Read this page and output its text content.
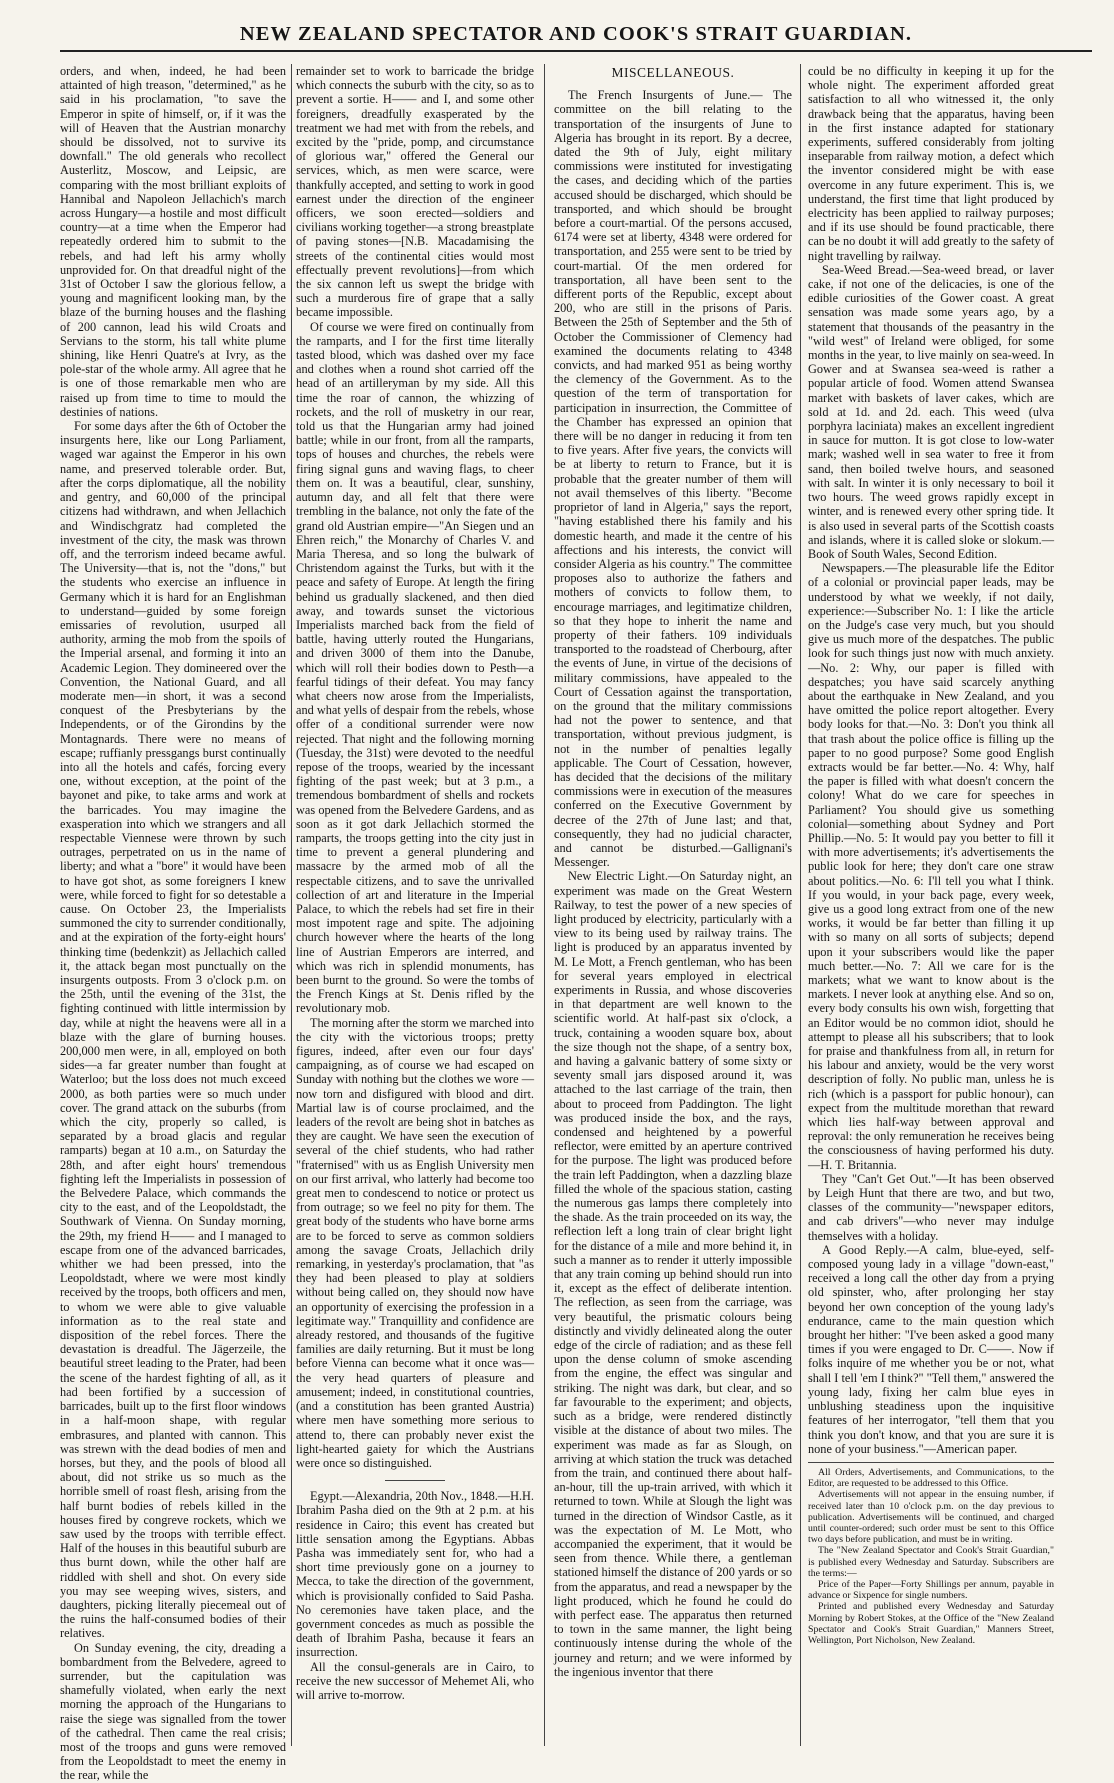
NEW ZEALAND SPECTATOR AND COOK'S STRAIT GUARDIAN.

orders, and when, indeed, he had been attainted of high treason, "determined," as he said in his proclamation, "to save the Emperor in spite of himself, or, if it was the will of Heaven that the Austrian monarchy should be dissolved, not to survive its downfall." The old generals who recollect Austerlitz, Moscow, and Leipsic, are comparing with the most brilliant exploits of Hannibal and Napoleon Jellachich's march across Hungary—a hostile and most difficult country—at a time when the Emperor had repeatedly ordered him to submit to the rebels, and had left his army wholly unprovided for. On that dreadful night of the 31st of October I saw the glorious fellow, a young and magnificent looking man, by the blaze of the burning houses and the flashing of 200 cannon, lead his wild Croats and Servians to the storm, his tall white plume shining, like Henri Quatre's at Ivry, as the pole-star of the whole army. All agree that he is one of those remarkable men who are raised up from time to time to mould the destinies of nations.

For some days after the 6th of October the insurgents here, like our Long Parliament, waged war against the Emperor in his own name, and preserved tolerable order. But, after the corps diplomatique, all the nobility and gentry, and 60,000 of the principal citizens had withdrawn, and when Jellachich and Windischgratz had completed the investment of the city, the mask was thrown off, and the terrorism indeed became awful. The University—that is, not the "dons," but the students who exercise an influence in Germany which it is hard for an Englishman to understand—guided by some foreign emissaries of revolution, usurped all authority, arming the mob from the spoils of the Imperial arsenal, and forming it into an Academic Legion. They domineered over the Convention, the National Guard, and all moderate men—in short, it was a second conquest of the Presbyterians by the Independents, or of the Girondins by the Montagnards. There were no means of escape; ruffianly pressgangs burst continually into all the hotels and cafés, forcing every one, without exception, at the point of the bayonet and pike, to take arms and work at the barricades. You may imagine the exasperation into which we strangers and all respectable Viennese were thrown by such outrages, perpetrated on us in the name of liberty; and what a "bore" it would have been to have got shot, as some foreigners I knew were, while forced to fight for so detestable a cause. On October 23, the Imperialists summoned the city to surrender conditionally, and at the expiration of the forty-eight hours' thinking time (bedenkzit) as Jellachich called it, the attack began most punctually on the insurgents outposts. From 3 o'clock p.m. on the 25th, until the evening of the 31st, the fighting continued with little intermission by day, while at night the heavens were all in a blaze with the glare of burning houses. 200,000 men were, in all, employed on both sides—a far greater number than fought at Waterloo; but the loss does not much exceed 2000, as both parties were so much under cover. The grand attack on the suburbs (from which the city, properly so called, is separated by a broad glacis and regular ramparts) began at 10 a.m., on Saturday the 28th, and after eight hours' tremendous fighting left the Imperialists in possession of the Belvedere Palace, which commands the city to the east, and of the Leopoldstadt, the Southwark of Vienna. On Sunday morning, the 29th, my friend H—— and I managed to escape from one of the advanced barricades, whither we had been pressed, into the Leopoldstadt, where we were most kindly received by the troops, both officers and men, to whom we were able to give valuable information as to the real state and disposition of the rebel forces. There the devastation is dreadful. The Jägerzeile, the beautiful street leading to the Prater, had been the scene of the hardest fighting of all, as it had been fortified by a succession of barricades, built up to the first floor windows in a half-moon shape, with regular embrasures, and planted with cannon. This was strewn with the dead bodies of men and horses, but they, and the pools of blood all about, did not strike us so much as the horrible smell of roast flesh, arising from the half burnt bodies of rebels killed in the houses fired by congreve rockets, which we saw used by the troops with terrible effect. Half of the houses in this beautiful suburb are thus burnt down, while the other half are riddled with shell and shot. On every side you may see weeping wives, sisters, and daughters, picking literally piecemeal out of the ruins the half-consumed bodies of their relatives.

On Sunday evening, the city, dreading a bombardment from the Belvedere, agreed to surrender, but the capitulation was shamefully violated, when early the next morning the approach of the Hungarians to raise the siege was signalled from the tower of the cathedral. Then came the real crisis; most of the troops and guns were removed from the Leopoldstadt to meet the enemy in the rear, while the

remainder set to work to barricade the bridge which connects the suburb with the city, so as to prevent a sortie. H—— and I, and some other foreigners, dreadfully exasperated by the treatment we had met with from the rebels, and excited by the "pride, pomp, and circumstance of glorious war," offered the General our services, which, as men were scarce, were thankfully accepted, and setting to work in good earnest under the direction of the engineer officers, we soon erected—soldiers and civilians working together—a strong breastplate of paving stones—[N.B. Macadamising the streets of the continental cities would most effectually prevent revolutions]—from which the six cannon left us swept the bridge with such a murderous fire of grape that a sally became impossible.

Of course we were fired on continually from the ramparts, and I for the first time literally tasted blood, which was dashed over my face and clothes when a round shot carried off the head of an artilleryman by my side. All this time the roar of cannon, the whizzing of rockets, and the roll of musketry in our rear, told us that the Hungarian army had joined battle; while in our front, from all the ramparts, tops of houses and churches, the rebels were firing signal guns and waving flags, to cheer them on. It was a beautiful, clear, sunshiny, autumn day, and all felt that there were trembling in the balance, not only the fate of the grand old Austrian empire—"An Siegen und an Ehren reich," the Monarchy of Charles V. and Maria Theresa, and so long the bulwark of Christendom against the Turks, but with it the peace and safety of Europe. At length the firing behind us gradually slackened, and then died away, and towards sunset the victorious Imperialists marched back from the field of battle, having utterly routed the Hungarians, and driven 3000 of them into the Danube, which will roll their bodies down to Pesth—a fearful tidings of their defeat. You may fancy what cheers now arose from the Imperialists, and what yells of despair from the rebels, whose offer of a conditional surrender were now rejected. That night and the following morning (Tuesday, the 31st) were devoted to the needful repose of the troops, wearied by the incessant fighting of the past week; but at 3 p.m., a tremendous bombardment of shells and rockets was opened from the Belvedere Gardens, and as soon as it got dark Jellachich stormed the ramparts, the troops getting into the city just in time to prevent a general plundering and massacre by the armed mob of all the respectable citizens, and to save the unrivalled collection of art and literature in the Imperial Palace, to which the rebels had set fire in their most impotent rage and spite. The adjoining church however where the hearts of the long line of Austrian Emperors are interred, and which was rich in splendid monuments, has been burnt to the ground. So were the tombs of the French Kings at St. Denis rifled by the revolutionary mob.

The morning after the storm we marched into the city with the victorious troops; pretty figures, indeed, after even our four days' campaigning, as of course we had escaped on Sunday with nothing but the clothes we wore —now torn and disfigured with blood and dirt. Martial law is of course proclaimed, and the leaders of the revolt are being shot in batches as they are caught. We have seen the execution of several of the chief students, who had rather "fraternised" with us as English University men on our first arrival, who latterly had become too great men to condescend to notice or protect us from outrage; so we feel no pity for them. The great body of the students who have borne arms are to be forced to serve as common soldiers among the savage Croats, Jellachich drily remarking, in yesterday's proclamation, that "as they had been pleased to play at soldiers without being called on, they should now have an opportunity of exercising the profession in a legitimate way." Tranquillity and confidence are already restored, and thousands of the fugitive families are daily returning. But it must be long before Vienna can become what it once was—the very head quarters of pleasure and amusement; indeed, in constitutional countries, (and a constitution has been granted Austria) where men have something more serious to attend to, there can probably never exist the light-hearted gaiety for which the Austrians were once so distinguished.

Egypt.—Alexandria, 20th Nov., 1848.—H.H. Ibrahim Pasha died on the 9th at 2 p.m. at his residence in Cairo; this event has created but little sensation among the Egyptians. Abbas Pasha was immediately sent for, who had a short time previously gone on a journey to Mecca, to take the direction of the government, which is provisionally confided to Said Pasha. No ceremonies have taken place, and the government concedes as much as possible the death of Ibrahim Pasha, because it fears an insurrection.

All the consul-generals are in Cairo, to receive the new successor of Mehemet Ali, who will arrive to-morrow.

MISCELLANEOUS.

The French Insurgents of June.— The committee on the bill relating to the transportation of the insurgents of June to Algeria has brought in its report. By a decree, dated the 9th of July, eight military commissions were instituted for investigating the cases, and deciding which of the parties accused should be discharged, which should be transported, and which should be brought before a court-martial. Of the persons accused, 6174 were set at liberty, 4348 were ordered for transportation, and 255 were sent to be tried by court-martial. Of the men ordered for transportation, all have been sent to the different ports of the Republic, except about 200, who are still in the prisons of Paris. Between the 25th of September and the 5th of October the Commissioner of Clemency had examined the documents relating to 4348 convicts, and had marked 951 as being worthy the clemency of the Government. As to the question of the term of transportation for participation in insurrection, the Committee of the Chamber has expressed an opinion that there will be no danger in reducing it from ten to five years. After five years, the convicts will be at liberty to return to France, but it is probable that the greater number of them will not avail themselves of this liberty. "Become proprietor of land in Algeria," says the report, "having established there his family and his domestic hearth, and made it the centre of his affections and his interests, the convict will consider Algeria as his country." The committee proposes also to authorize the fathers and mothers of convicts to follow them, to encourage marriages, and legitimatize children, so that they hope to inherit the name and property of their fathers. 109 individuals transported to the roadstead of Cherbourg, after the events of June, in virtue of the decisions of military commissions, have appealed to the Court of Cessation against the transportation, on the ground that the military commissions had not the power to sentence, and that transportation, without previous judgment, is not in the number of penalties legally applicable. The Court of Cessation, however, has decided that the decisions of the military commissions were in execution of the measures conferred on the Executive Government by decree of the 27th of June last; and that, consequently, they had no judicial character, and cannot be disturbed.—Gallignani's Messenger.

New Electric Light.—On Saturday night, an experiment was made on the Great Western Railway, to test the power of a new species of light produced by electricity, particularly with a view to its being used by railway trains. The light is produced by an apparatus invented by M. Le Mott, a French gentleman, who has been for several years employed in electrical experiments in Russia, and whose discoveries in that department are well known to the scientific world. At half-past six o'clock, a truck, containing a wooden square box, about the size though not the shape, of a sentry box, and having a galvanic battery of some sixty or seventy small jars disposed around it, was attached to the last carriage of the train, then about to proceed from Paddington. The light was produced inside the box, and the rays, condensed and heightened by a powerful reflector, were emitted by an aperture contrived for the purpose. The light was produced before the train left Paddington, when a dazzling blaze filled the whole of the spacious station, casting the numerous gas lamps there completely into the shade. As the train proceeded on its way, the reflection left a long train of clear bright light for the distance of a mile and more behind it, in such a manner as to render it utterly impossible that any train coming up behind should run into it, except as the effect of deliberate intention. The reflection, as seen from the carriage, was very beautiful, the prismatic colours being distinctly and vividly delineated along the outer edge of the circle of radiation; and as these fell upon the dense column of smoke ascending from the engine, the effect was singular and striking. The night was dark, but clear, and so far favourable to the experiment; and objects, such as a bridge, were rendered distinctly visible at the distance of about two miles. The experiment was made as far as Slough, on arriving at which station the truck was detached from the train, and continued there about half-an-hour, till the up-train arrived, with which it returned to town. While at Slough the light was turned in the direction of Windsor Castle, as it was the expectation of M. Le Mott, who accompanied the experiment, that it would be seen from thence. While there, a gentleman stationed himself the distance of 200 yards or so from the apparatus, and read a newspaper by the light produced, which he found he could do with perfect ease. The apparatus then returned to town in the same manner, the light being continuously intense during the whole of the journey and return; and we were informed by the ingenious inventor that there

could be no difficulty in keeping it up for the whole night. The experiment afforded great satisfaction to all who witnessed it, the only drawback being that the apparatus, having been in the first instance adapted for stationary experiments, suffered considerably from jolting inseparable from railway motion, a defect which the inventor considered might be with ease overcome in any future experiment. This is, we understand, the first time that light produced by electricity has been applied to railway purposes; and if its use should be found practicable, there can be no doubt it will add greatly to the safety of night travelling by railway.

Sea-Weed Bread.—Sea-weed bread, or laver cake, if not one of the delicacies, is one of the edible curiosities of the Gower coast. A great sensation was made some years ago, by a statement that thousands of the peasantry in the "wild west" of Ireland were obliged, for some months in the year, to live mainly on sea-weed. In Gower and at Swansea sea-weed is rather a popular article of food. Women attend Swansea market with baskets of laver cakes, which are sold at 1d. and 2d. each. This weed (ulva porphyra laciniata) makes an excellent ingredient in sauce for mutton. It is got close to low-water mark; washed well in sea water to free it from sand, then boiled twelve hours, and seasoned with salt. In winter it is only necessary to boil it two hours. The weed grows rapidly except in winter, and is renewed every other spring tide. It is also used in several parts of the Scottish coasts and islands, where it is called sloke or slokum.—Book of South Wales, Second Edition.

Newspapers.—The pleasurable life the Editor of a colonial or provincial paper leads, may be understood by what we weekly, if not daily, experience:—Subscriber No. 1: I like the article on the Judge's case very much, but you should give us much more of the despatches. The public look for such things just now with much anxiety.—No. 2: Why, our paper is filled with despatches; you have said scarcely anything about the earthquake in New Zealand, and you have omitted the police report altogether. Every body looks for that.—No. 3: Don't you think all that trash about the police office is filling up the paper to no good purpose? Some good English extracts would be far better.—No. 4: Why, half the paper is filled with what doesn't concern the colony! What do we care for speeches in Parliament? You should give us something colonial—something about Sydney and Port Phillip.—No. 5: It would pay you better to fill it with more advertisements; it's advertisements the public look for here; they don't care one straw about politics.—No. 6: I'll tell you what I think. If you would, in your back page, every week, give us a good long extract from one of the new works, it would be far better than filling it up with so many on all sorts of subjects; depend upon it your subscribers would like the paper much better.—No. 7: All we care for is the markets; what we want to know about is the markets. I never look at anything else. And so on, every body consults his own wish, forgetting that an Editor would be no common idiot, should he attempt to please all his subscribers; that to look for praise and thankfulness from all, in return for his labour and anxiety, would be the very worst description of folly. No public man, unless he is rich (which is a passport for public honour), can expect from the multitude morethan that reward which lies half-way between approval and reproval: the only remuneration he receives being the consciousness of having performed his duty.—H. T. Britannia.

They "Can't Get Out."—It has been observed by Leigh Hunt that there are two, and but two, classes of the community—"newspaper editors, and cab drivers"—who never may indulge themselves with a holiday.

A Good Reply.—A calm, blue-eyed, self-composed young lady in a village "down-east," received a long call the other day from a prying old spinster, who, after prolonging her stay beyond her own conception of the young lady's endurance, came to the main question which brought her hither: "I've been asked a good many times if you were engaged to Dr. C——. Now if folks inquire of me whether you be or not, what shall I tell 'em I think?" "Tell them," answered the young lady, fixing her calm blue eyes in unblushing steadiness upon the inquisitive features of her interrogator, "tell them that you think you don't know, and that you are sure it is none of your business."—American paper.

All Orders, Advertisements, and Communications, to the Editor, are requested to be addressed to this Office.

Advertisements will not appear in the ensuing number, if received later than 10 o'clock p.m. on the day previous to publication. Advertisements will be continued, and charged until counter-ordered; such order must be sent to this Office two days before publication, and must be in writing.

The "New Zealand Spectator and Cook's Strait Guardian," is published every Wednesday and Saturday. Subscribers are the terms:—

Price of the Paper—Forty Shillings per annum, payable in advance or Sixpence for single numbers.

Printed and published every Wednesday and Saturday Morning by Robert Stokes, at the Office of the "New Zealand Spectator and Cook's Strait Guardian," Manners Street, Wellington, Port Nicholson, New Zealand.
